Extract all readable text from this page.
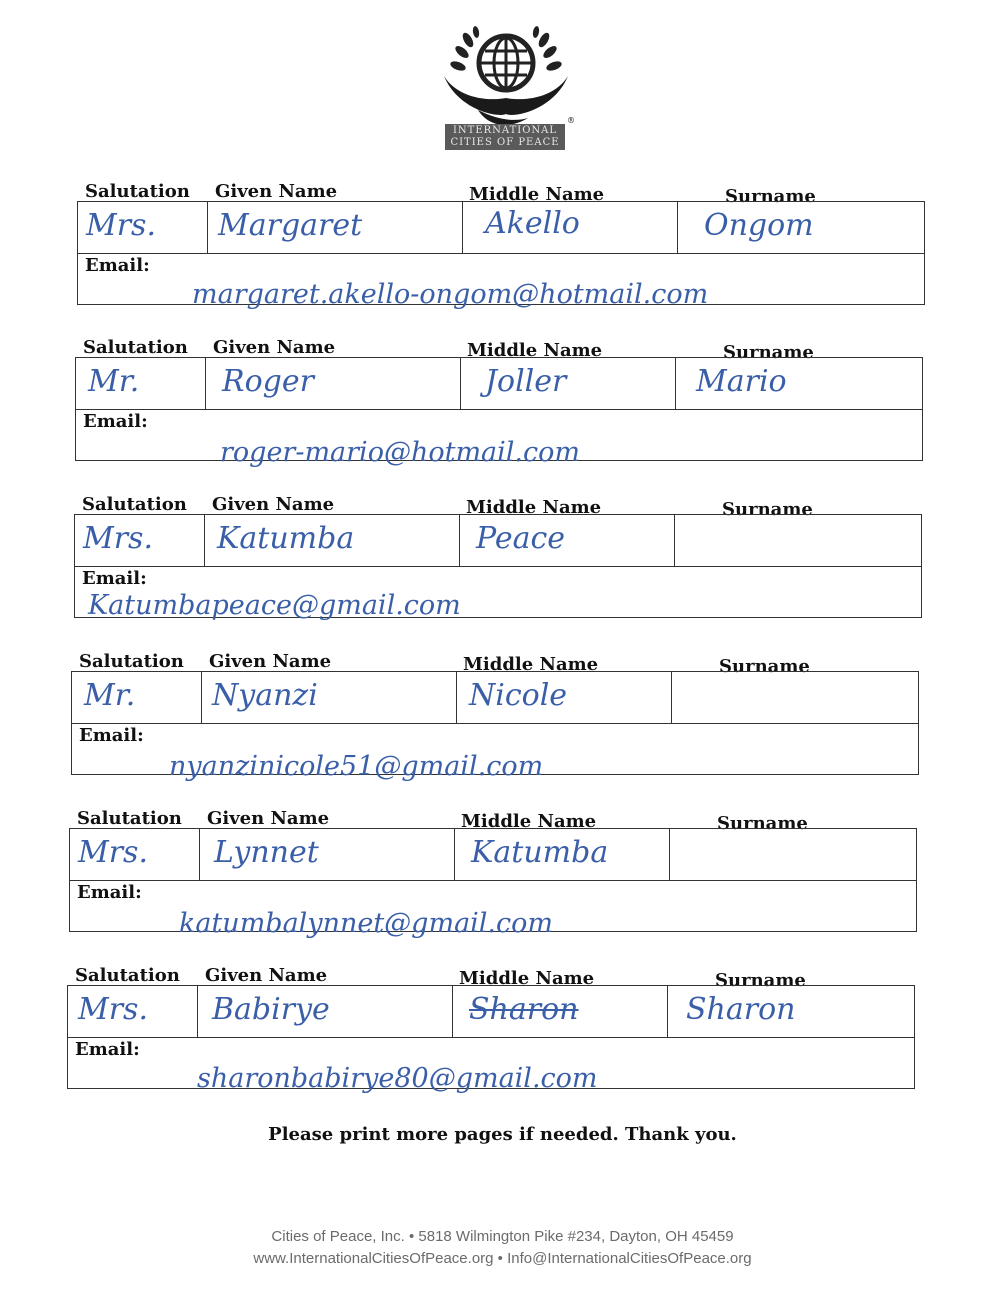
INTERNATIONAL
CITIES OF PEACE
®
Salutation Given Name	Middle Name	Surname
Mrs. Margaret	Akello	Ongom
Email:
margaret.akello-ongom@hotmail.com
Salutation Given Name	Middle Name	Surname
Mr.	Roger	Joller	Mario
Email:
roger-mario@hotmail.com
Salutation Given Name	Middle Name	Surname
Mrs. Katumba	Peace
Email:
Katumbapeace@gmail.com
Salutation Given Name	Middle Name	Surname
Mr.	Nyanzi	Nicole
Email:
nyanzinicole51@gmail.com
Salutation Given Name	Middle Name	Surname
Mrs. Lynnet	Katumba
Email:
katumbalynnet@gmail.com
Salutation Given Name	Middle Name	Surname
Mrs. Babirye	Sharon	Sharon
Email:
sharonbabirye80@gmail.com
Please print more pages if needed. Thank you.
Cities of Peace, Inc. • 5818 Wilmington Pike #234, Dayton, OH 45459
www.InternationalCitiesOfPeace.org • Info@InternationalCitiesOfPeace.org
